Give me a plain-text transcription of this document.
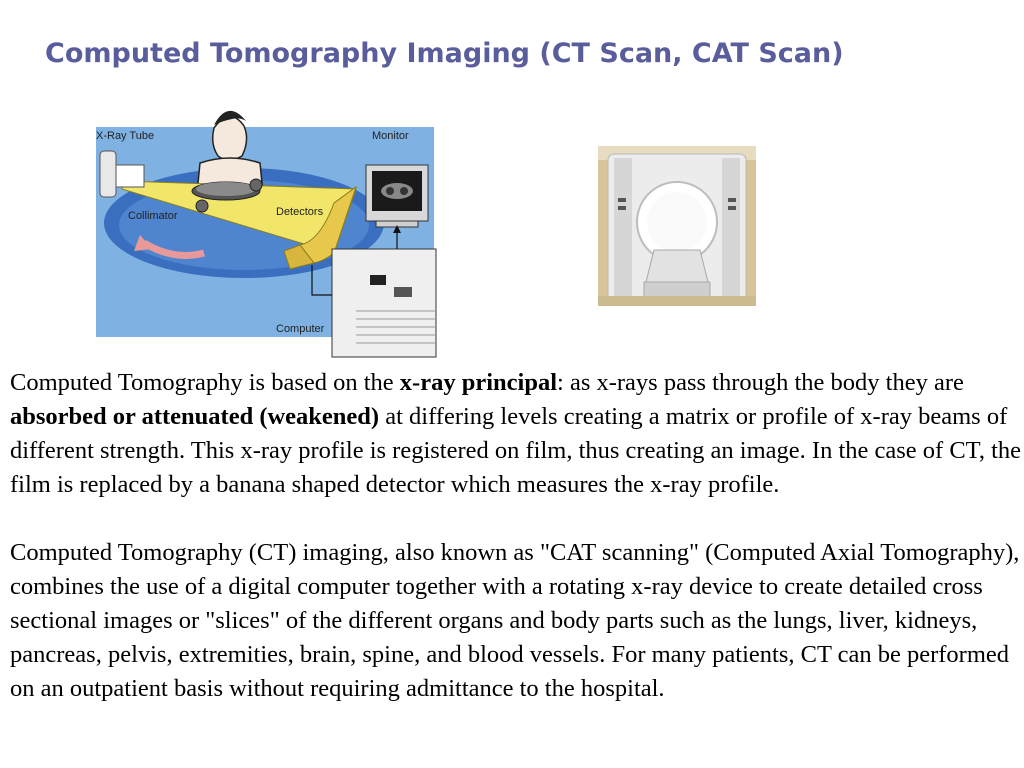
Computed Tomography Imaging (CT Scan, CAT Scan)
X-Ray Tube	Monitor
Collimator	Detectors
Computer

Computed Tomography is based on the x-ray principal: as x-rays pass through the body they are absorbed or attenuated (weakened) at differing levels creating a matrix or profile of x-ray beams of different strength. This x-ray profile is registered on film, thus creating an image. In the case of CT, the film is replaced by a banana shaped detector which measures the x-ray profile.

Computed Tomography (CT) imaging, also known as "CAT scanning" (Computed Axial Tomography), combines the use of a digital computer together with a rotating x-ray device to create detailed cross sectional images or "slices" of the different organs and body parts such as the lungs, liver, kidneys, pancreas, pelvis, extremities, brain, spine, and blood vessels. For many patients, CT can be performed on an outpatient basis without requiring admittance to the hospital.
